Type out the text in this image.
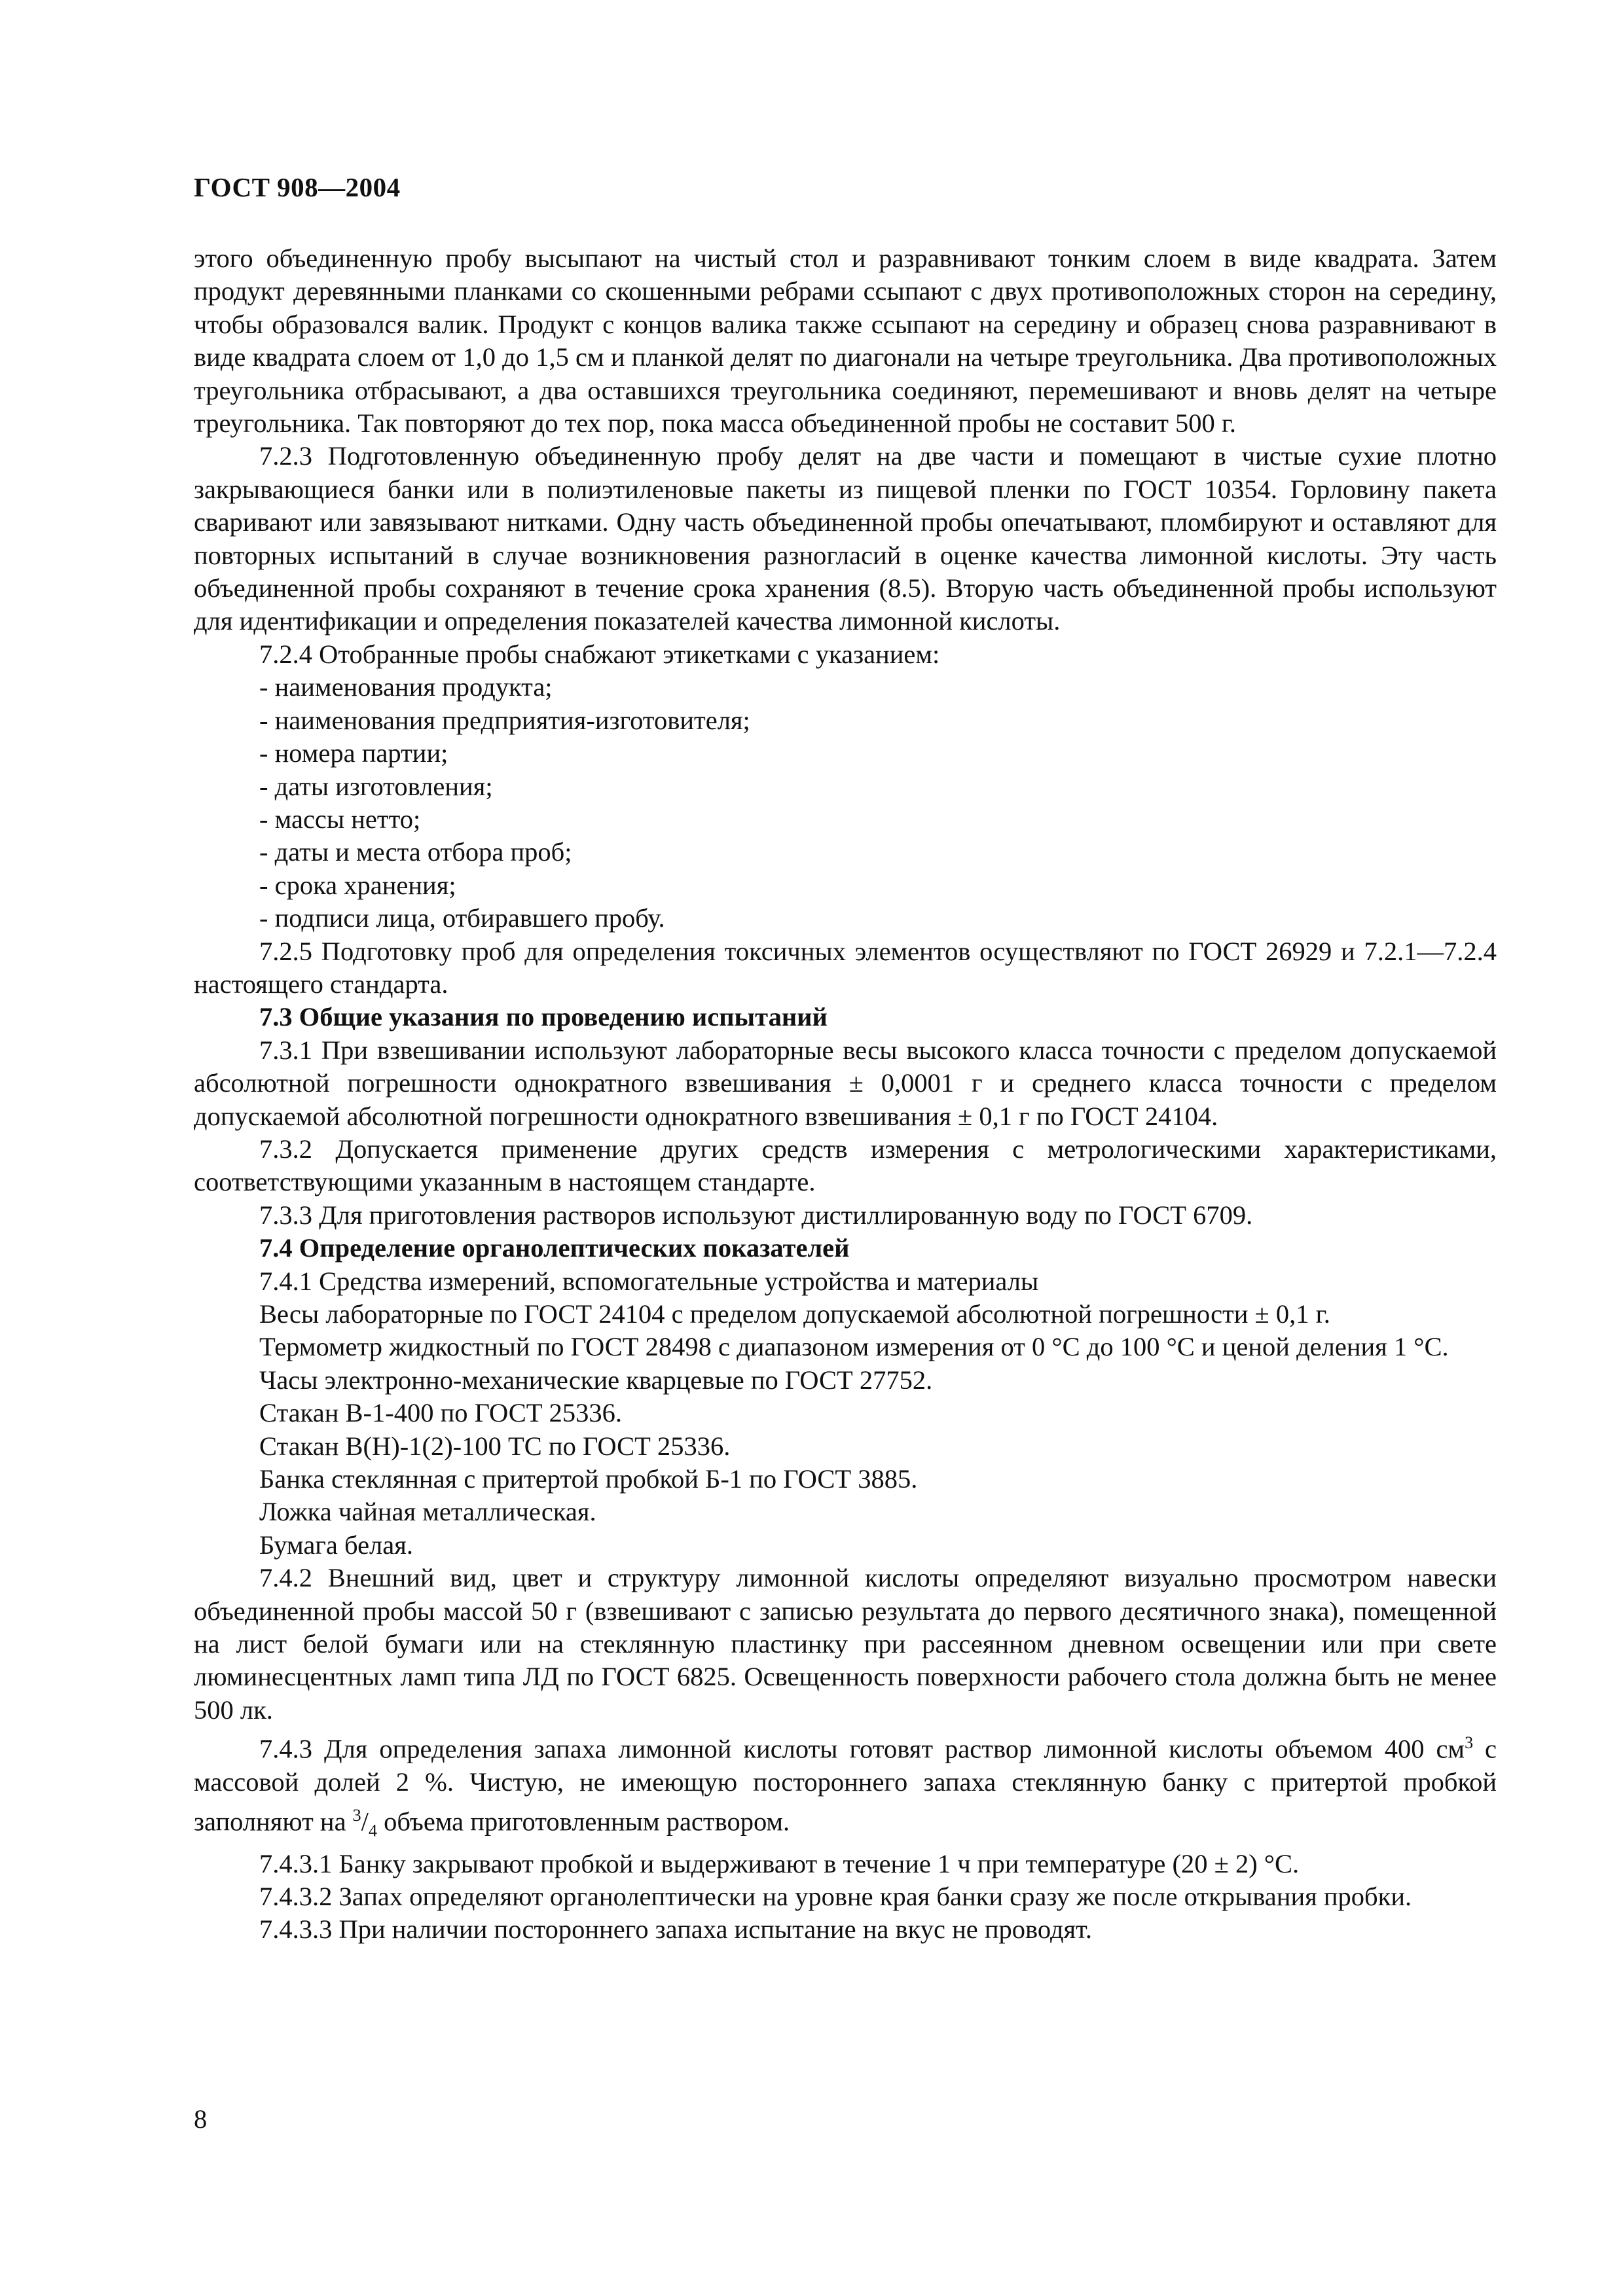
ГОСТ 908—2004

этого объединенную пробу высыпают на чистый стол и разравнивают тонким слоем в виде квадрата. Затем продукт деревянными планками со скошенными ребрами ссыпают с двух противоположных сторон на середину, чтобы образовался валик. Продукт с концов валика также ссыпают на середину и образец снова разравнивают в виде квадрата слоем от 1,0 до 1,5 см и планкой делят по диагонали на четыре треугольника. Два противоположных треугольника отбрасывают, а два оставшихся треугольника соединяют, перемешивают и вновь делят на четыре треугольника. Так повторяют до тех пор, пока масса объединенной пробы не составит 500 г.

7.2.3 Подготовленную объединенную пробу делят на две части и помещают в чистые сухие плотно закрывающиеся банки или в полиэтиленовые пакеты из пищевой пленки по ГОСТ 10354. Горловину пакета сваривают или завязывают нитками. Одну часть объединенной пробы опечатывают, пломбируют и оставляют для повторных испытаний в случае возникновения разногласий в оценке качества лимонной кислоты. Эту часть объединенной пробы сохраняют в течение срока хранения (8.5). Вторую часть объединенной пробы используют для идентификации и определения показателей качества лимонной кислоты.

7.2.4 Отобранные пробы снабжают этикетками с указанием:

- наименования продукта;

- наименования предприятия-изготовителя;

- номера партии;

- даты изготовления;

- массы нетто;

- даты и места отбора проб;

- срока хранения;

- подписи лица, отбиравшего пробу.

7.2.5 Подготовку проб для определения токсичных элементов осуществляют по ГОСТ 26929 и 7.2.1—7.2.4 настоящего стандарта.

7.3 Общие указания по проведению испытаний

7.3.1 При взвешивании используют лабораторные весы высокого класса точности с пределом допускаемой абсолютной погрешности однократного взвешивания ± 0,0001 г и среднего класса точности с пределом допускаемой абсолютной погрешности однократного взвешивания ± 0,1 г по ГОСТ 24104.

7.3.2 Допускается применение других средств измерения с метрологическими характеристиками, соответствующими указанным в настоящем стандарте.

7.3.3 Для приготовления растворов используют дистиллированную воду по ГОСТ 6709.

7.4 Определение органолептических показателей

7.4.1 Средства измерений, вспомогательные устройства и материалы

Весы лабораторные по ГОСТ 24104 с пределом допускаемой абсолютной погрешности ± 0,1 г.

Термометр жидкостный по ГОСТ 28498 с диапазоном измерения от 0 °С до 100 °С и ценой деления 1 °С.

Часы электронно-механические кварцевые по ГОСТ 27752.

Стакан В-1-400 по ГОСТ 25336.

Стакан В(Н)-1(2)-100 ТС по ГОСТ 25336.

Банка стеклянная с притертой пробкой Б-1 по ГОСТ 3885.

Ложка чайная металлическая.

Бумага белая.

7.4.2 Внешний вид, цвет и структуру лимонной кислоты определяют визуально просмотром навески объединенной пробы массой 50 г (взвешивают с записью результата до первого десятичного знака), помещенной на лист белой бумаги или на стеклянную пластинку при рассеянном дневном освещении или при свете люминесцентных ламп типа ЛД по ГОСТ 6825. Освещенность поверхности рабочего стола должна быть не менее 500 лк.

7.4.3 Для определения запаха лимонной кислоты готовят раствор лимонной кислоты объемом 400 $см^3$ с массовой долей 2 %. Чистую, не имеющую постороннего запаха стеклянную банку с притертой пробкой заполняют на $^3/_4$ объема приготовленным раствором.

7.4.3.1 Банку закрывают пробкой и выдерживают в течение 1 ч при температуре (20 ± 2) °С.

7.4.3.2 Запах определяют органолептически на уровне края банки сразу же после открывания пробки.

7.4.3.3 При наличии постороннего запаха испытание на вкус не проводят.

8
